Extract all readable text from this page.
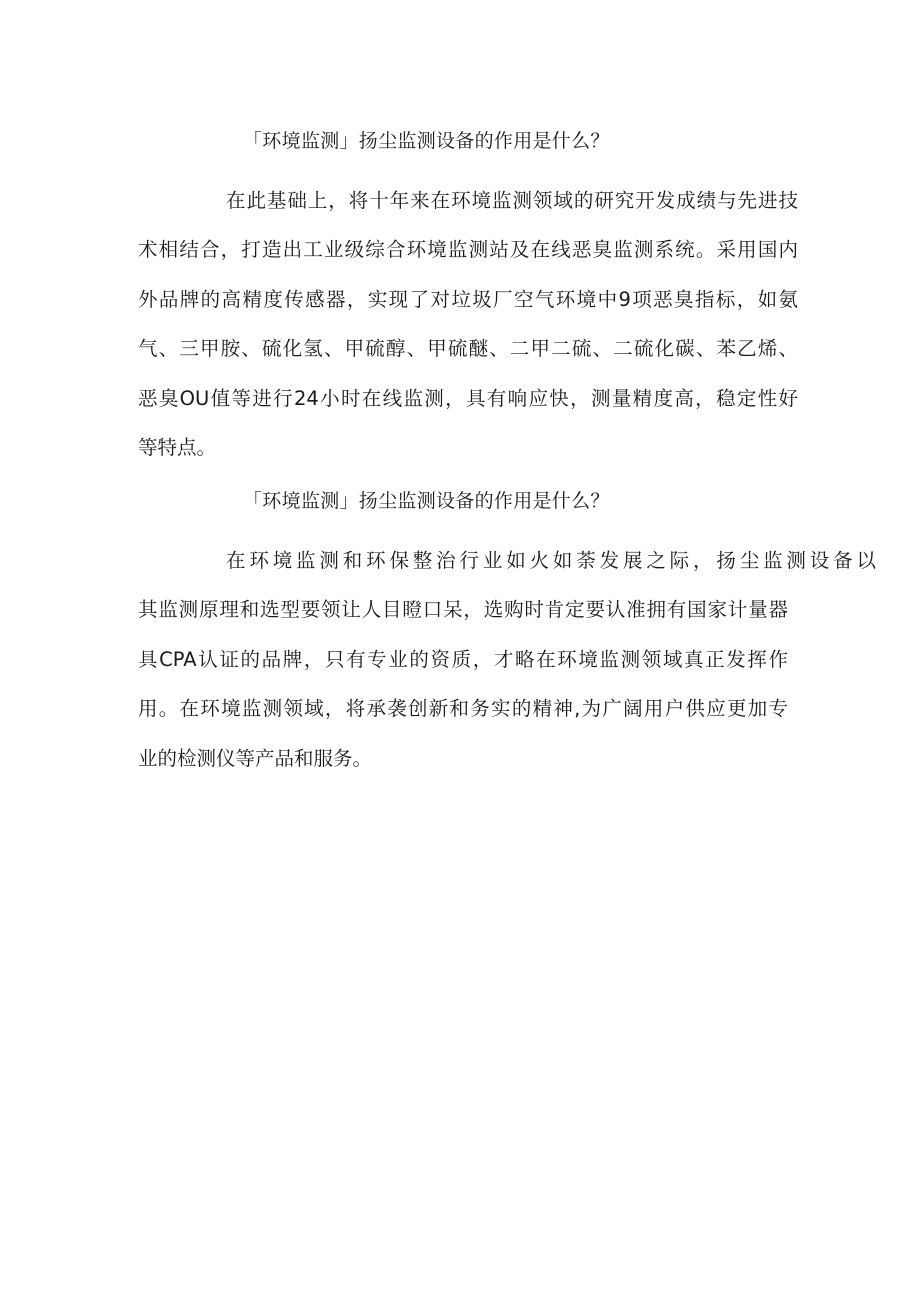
「环境监测」扬尘监测设备的作用是什么？
在此基础上，将十年来在环境监测领域的研究开发成绩与先进技
术相结合，打造出工业级综合环境监测站及在线恶臭监测系统。采用国内
外品牌的高精度传感器，实现了对垃圾厂空气环境中9项恶臭指标，如氨
气、三甲胺、硫化氢、甲硫醇、甲硫醚、二甲二硫、二硫化碳、苯乙烯、
恶臭OU值等进行24小时在线监测，具有响应快，测量精度高，稳定性好
等特点。
「环境监测」扬尘监测设备的作用是什么？
在环境监测和环保整治行业如火如荼发展之际，扬尘监测设备以
其监测原理和选型要领让人目瞪口呆，选购时肯定要认准拥有国家计量器
具CPA认证的品牌，只有专业的资质，才略在环境监测领域真正发挥作
用。在环境监测领域，将承袭创新和务实的精神,为广阔用户供应更加专
业的检测仪等产品和服务。
